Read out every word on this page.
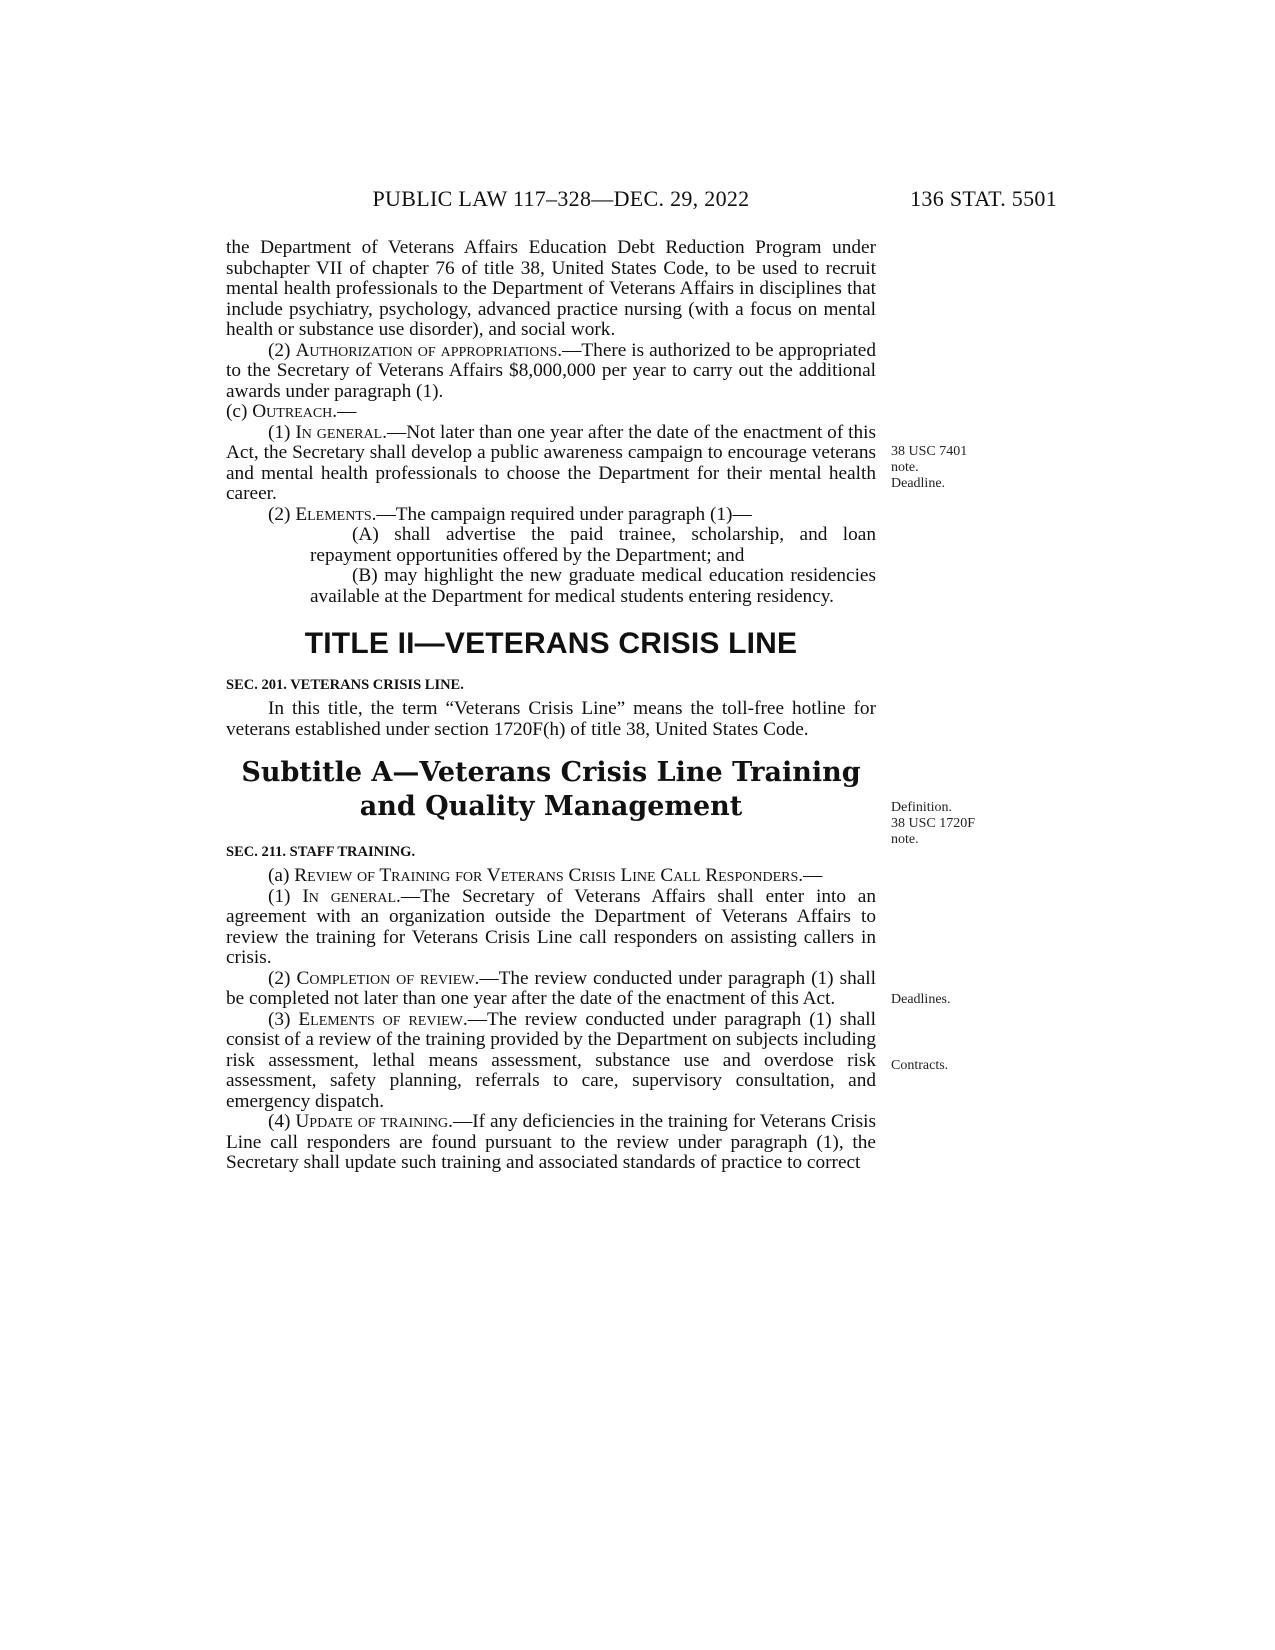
PUBLIC LAW 117–328—DEC. 29, 2022	136 STAT. 5501

the Department of Veterans Affairs Education Debt Reduction Program under subchapter VII of chapter 76 of title 38, United States Code, to be used to recruit mental health professionals to the Department of Veterans Affairs in disciplines that include psychiatry, psychology, advanced practice nursing (with a focus on mental health or substance use disorder), and social work.

(2) Authorization of appropriations.—There is authorized to be appropriated to the Secretary of Veterans Affairs $8,000,000 per year to carry out the additional awards under paragraph (1).

(c) Outreach.—

(1) In general.—Not later than one year after the date of the enactment of this Act, the Secretary shall develop a public awareness campaign to encourage veterans and mental health professionals to choose the Department for their mental health career.

(2) Elements.—The campaign required under paragraph (1)—

(A) shall advertise the paid trainee, scholarship, and loan repayment opportunities offered by the Department; and

(B) may highlight the new graduate medical education residencies available at the Department for medical students entering residency.

TITLE II—VETERANS CRISIS LINE

SEC. 201. VETERANS CRISIS LINE.

In this title, the term “Veterans Crisis Line” means the toll-free hotline for veterans established under section 1720F(h) of title 38, United States Code.

Subtitle A—Veterans Crisis Line Training
and Quality Management

SEC. 211. STAFF TRAINING.

(a) Review of Training for Veterans Crisis Line Call Responders.—

(1) In general.—The Secretary of Veterans Affairs shall enter into an agreement with an organization outside the Department of Veterans Affairs to review the training for Veterans Crisis Line call responders on assisting callers in crisis.

(2) Completion of review.—The review conducted under paragraph (1) shall be completed not later than one year after the date of the enactment of this Act.

(3) Elements of review.—The review conducted under paragraph (1) shall consist of a review of the training provided by the Department on subjects including risk assessment, lethal means assessment, substance use and overdose risk assessment, safety planning, referrals to care, supervisory consultation, and emergency dispatch.

(4) Update of training.—If any deficiencies in the training for Veterans Crisis Line call responders are found pursuant to the review under paragraph (1), the Secretary shall update such training and associated standards of practice to correct

38 USC 7401
note.
Deadline.
Definition.
38 USC 1720F
note.
Deadlines.
Contracts.
